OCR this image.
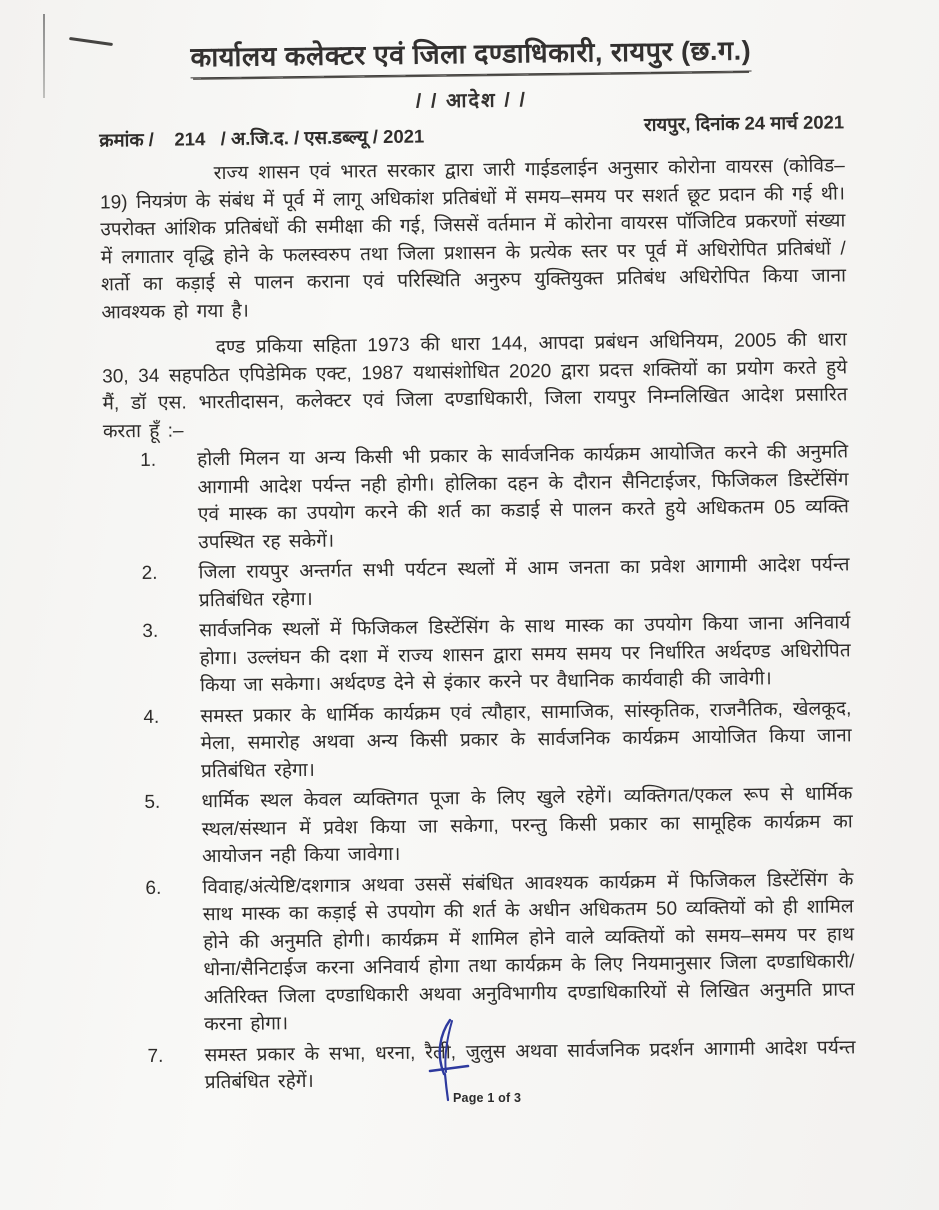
कार्यालय कलेक्टर एवं जिला दण्डाधिकारी, रायपुर (छ.ग.)
/ / आदेश / /
क्रमांक /    214   / अ.जि.द. / एस.डब्ल्यू / 2021
रायपुर, दिनांक 24 मार्च 2021
राज्य शासन एवं भारत सरकार द्वारा जारी गाईडलाईन अनुसार कोरोना वायरस (कोविड–19) नियत्रंण के संबंध में पूर्व में लागू अधिकांश प्रतिबंधों में समय–समय पर सशर्त छूट प्रदान की गई थी। उपरोक्त आंशिक प्रतिबंधों की समीक्षा की गई, जिससें वर्तमान में कोरोना वायरस पॉजिटिव प्रकरणों संख्या में लगातार वृद्धि होने के फलस्वरुप तथा जिला प्रशासन के प्रत्येक स्तर पर पूर्व में अधिरोपित प्रतिबंधों / शर्तो का कड़ाई से पालन कराना एवं परिस्थिति अनुरुप युक्तियुक्त प्रतिबंध अधिरोपित किया जाना आवश्यक हो गया है।
दण्ड प्रकिया सहिता 1973 की धारा 144, आपदा प्रबंधन अधिनियम, 2005 की धारा 30, 34 सहपठित एपिडेमिक एक्ट, 1987 यथासंशोधित 2020 द्वारा प्रदत्त शक्तियों का प्रयोग करते हुये मैं, डॉ एस. भारतीदासन, कलेक्टर एवं जिला दण्डाधिकारी, जिला रायपुर निम्नलिखित आदेश प्रसारित करता हूँ :–
1.	होली मिलन या अन्य किसी भी प्रकार के सार्वजनिक कार्यक्रम आयोजित करने की अनुमति आगामी आदेश पर्यन्त नही होगी। होलिका दहन के दौरान सैनिटाईजर, फिजिकल डिस्टेंसिंग एवं मास्क का उपयोग करने की शर्त का कडाई से पालन करते हुये अधिकतम 05 व्यक्ति उपस्थित रह सकेगें।
2.	जिला रायपुर अन्तर्गत सभी पर्यटन स्थलों में आम जनता का प्रवेश आगामी आदेश पर्यन्त प्रतिबंधित रहेगा।
3.	सार्वजनिक स्थलों में फिजिकल डिस्टेंसिंग के साथ मास्क का उपयोग किया जाना अनिवार्य होगा। उल्लंघन की दशा में राज्य शासन द्वारा समय समय पर निर्धारित अर्थदण्ड अधिरोपित किया जा सकेगा। अर्थदण्ड देने से इंकार करने पर वैधानिक कार्यवाही की जावेगी।
4.	समस्त प्रकार के धार्मिक कार्यक्रम एवं त्यौहार, सामाजिक, सांस्कृतिक, राजनैतिक, खेलकूद, मेला, समारोह अथवा अन्य किसी प्रकार के सार्वजनिक कार्यक्रम आयोजित किया जाना प्रतिबंधित रहेगा।
5.	धार्मिक स्थल केवल व्यक्तिगत पूजा के लिए खुले रहेगें। व्यक्तिगत/एकल रूप से धार्मिक स्थल/संस्थान में प्रवेश किया जा सकेगा, परन्तु किसी प्रकार का सामूहिक कार्यक्रम का आयोजन नही किया जावेगा।
6.	विवाह/अंत्येष्टि/दशगात्र अथवा उससें संबंधित आवश्यक कार्यक्रम में फिजिकल डिस्टेंसिंग के साथ मास्क का कड़ाई से उपयोग की शर्त के अधीन अधिकतम 50 व्यक्तियों को ही शामिल होने की अनुमति होगी। कार्यक्रम में शामिल होने वाले व्यक्तियों को समय–समय पर हाथ धोना/सैनिटाईज करना अनिवार्य होगा तथा कार्यक्रम के लिए नियमानुसार जिला दण्डाधिकारी/ अतिरिक्त जिला दण्डाधिकारी अथवा अनुविभागीय दण्डाधिकारियों से लिखित अनुमति प्राप्त करना होगा।
7.	समस्त प्रकार के सभा, धरना, रैली, जुलुस अथवा सार्वजनिक प्रदर्शन आगामी आदेश पर्यन्त प्रतिबंधित रहेगें।
Page 1 of 3
